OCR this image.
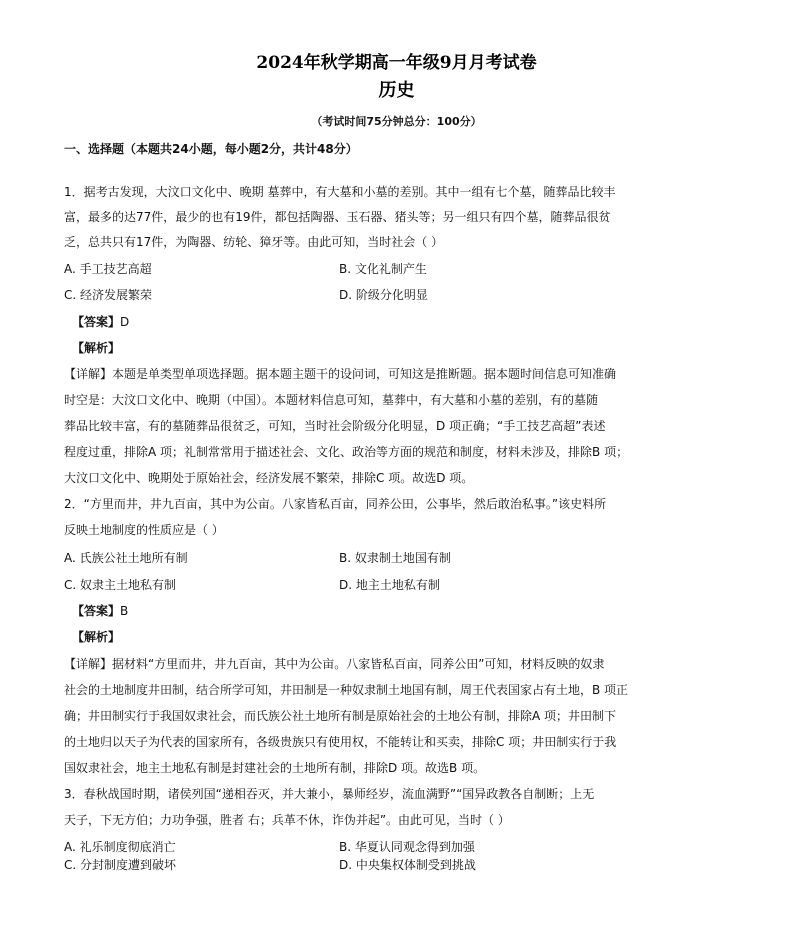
2024年秋学期高一年级9月月考试卷
历史
（考试时间75分钟总分：100分）
一、选择题（本题共24小题，每小题2分，共计48分）
1．据考古发现，大汶口文化中、晚期 墓葬中，有大墓和小墓的差别。其中一组有七个墓，随葬品比较丰
富，最多的达77件，最少的也有19件，都包括陶器、玉石器、猪头等；另一组只有四个墓，随葬品很贫
乏，总共只有17件，为陶器、纺轮、獐牙等。由此可知，当时社会（ ）
A. 手工技艺高超	B. 文化礼制产生
C. 经济发展繁荣	D. 阶级分化明显
【答案】D
【解析】
【详解】本题是单类型单项选择题。据本题主题干的设问词，可知这是推断题。据本题时间信息可知准确
时空是：大汶口文化中、晚期（中国）。本题材料信息可知，墓葬中，有大墓和小墓的差别，有的墓随
葬品比较丰富，有的墓随葬品很贫乏，可知，当时社会阶级分化明显，D 项正确；“手工技艺高超”表述
程度过重，排除A 项；礼制常常用于描述社会、文化、政治等方面的规范和制度，材料未涉及，排除B 项；
大汶口文化中、晚期处于原始社会，经济发展不繁荣，排除C 项。故选D 项。
2．“方里而井，井九百亩，其中为公亩。八家皆私百亩，同养公田，公事毕，然后敢治私事。”该史料所
反映土地制度的性质应是（ ）
A. 氏族公社土地所有制	B. 奴隶制土地国有制
C. 奴隶主土地私有制	D. 地主土地私有制
【答案】B
【解析】
【详解】据材料“方里而井，井九百亩，其中为公亩。八家皆私百亩，同养公田”可知，材料反映的奴隶
社会的土地制度井田制，结合所学可知，井田制是一种奴隶制土地国有制，周王代表国家占有土地，B 项正
确；井田制实行于我国奴隶社会，而氏族公社土地所有制是原始社会的土地公有制，排除A 项；井田制下
的土地归以天子为代表的国家所有，各级贵族只有使用权，不能转让和买卖，排除C 项；井田制实行于我
国奴隶社会，地主土地私有制是封建社会的土地所有制，排除D 项。故选B 项。
3．春秋战国时期，诸侯列国“递相吞灭，并大兼小，暴师经岁，流血满野”“国异政教各自制断；上无
天子，下无方伯；力功争强，胜者 右；兵革不休，诈伪并起”。由此可见，当时（ ）
A. 礼乐制度彻底消亡	B. 华夏认同观念得到加强
C. 分封制度遭到破坏	D. 中央集权体制受到挑战
